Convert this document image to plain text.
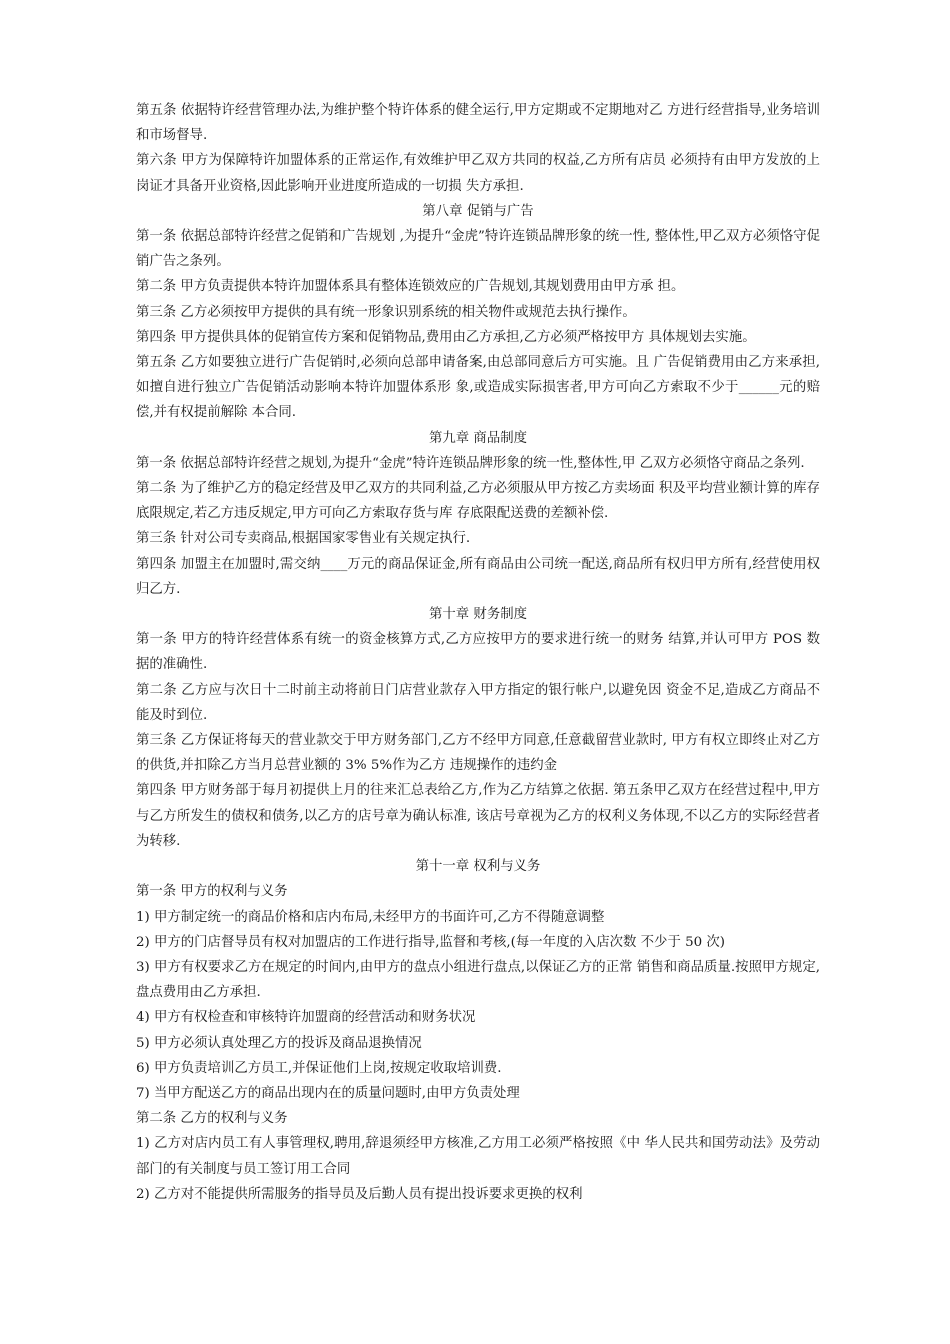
第五条 依据特许经营管理办法,为维护整个特许体系的健全运行,甲方定期或不定期地对乙 方进行经营指导,业务培训和市场督导.

第六条 甲方为保障特许加盟体系的正常运作,有效维护甲乙双方共同的权益,乙方所有店员 必须持有由甲方发放的上岗证才具备开业资格,因此影响开业进度所造成的一切损 失方承担.

第八章 促销与广告

第一条 依据总部特许经营之促销和广告规划 ,为提升“金虎”特许连锁品牌形象的统一性, 整体性,甲乙双方必须恪守促销广告之条列。

第二条 甲方负责提供本特许加盟体系具有整体连锁效应的广告规划,其规划费用由甲方承 担。

第三条 乙方必须按甲方提供的具有统一形象识别系统的相关物件或规范去执行操作。

第四条 甲方提供具体的促销宣传方案和促销物品,费用由乙方承担,乙方必须严格按甲方 具体规划去实施。

第五条 乙方如要独立进行广告促销时,必须向总部申请备案,由总部同意后方可实施。且 广告促销费用由乙方来承担,如擅自进行独立广告促销活动影响本特许加盟体系形 象,或造成实际损害者,甲方可向乙方索取不少于______元的赔偿,并有权提前解除 本合同.

第九章 商品制度

第一条 依据总部特许经营之规划,为提升“金虎”特许连锁品牌形象的统一性,整体性,甲 乙双方必须恪守商品之条列.

第二条 为了维护乙方的稳定经营及甲乙双方的共同利益,乙方必须服从甲方按乙方卖场面 积及平均营业额计算的库存底限规定,若乙方违反规定,甲方可向乙方索取存货与库 存底限配送费的差额补偿.

第三条 针对公司专卖商品,根据国家零售业有关规定执行.

第四条 加盟主在加盟时,需交纳____万元的商品保证金,所有商品由公司统一配送,商品所有权归甲方所有,经营使用权归乙方.

第十章 财务制度

第一条 甲方的特许经营体系有统一的资金核算方式,乙方应按甲方的要求进行统一的财务 结算,并认可甲方 POS 数据的准确性.

第二条 乙方应与次日十二时前主动将前日门店营业款存入甲方指定的银行帐户,以避免因 资金不足,造成乙方商品不能及时到位.

第三条 乙方保证将每天的营业款交于甲方财务部门,乙方不经甲方同意,任意截留营业款时, 甲方有权立即终止对乙方的供货,并扣除乙方当月总营业额的 3% 5%作为乙方 违规操作的违约金

第四条 甲方财务部于每月初提供上月的往来汇总表给乙方,作为乙方结算之依据. 第五条甲乙双方在经营过程中,甲方与乙方所发生的债权和债务,以乙方的店号章为确认标准, 该店号章视为乙方的权利义务体现,不以乙方的实际经营者为转移.

第十一章 权利与义务

第一条 甲方的权利与义务

1) 甲方制定统一的商品价格和店内布局,未经甲方的书面许可,乙方不得随意调整

2) 甲方的门店督导员有权对加盟店的工作进行指导,监督和考核,(每一年度的入店次数 不少于 50 次)

3) 甲方有权要求乙方在规定的时间内,由甲方的盘点小组进行盘点,以保证乙方的正常 销售和商品质量.按照甲方规定,盘点费用由乙方承担.

4) 甲方有权检查和审核特许加盟商的经营活动和财务状况

5) 甲方必须认真处理乙方的投诉及商品退换情况

6) 甲方负责培训乙方员工,并保证他们上岗,按规定收取培训费.

7) 当甲方配送乙方的商品出现内在的质量问题时,由甲方负责处理

第二条 乙方的权利与义务

1) 乙方对店内员工有人事管理权,聘用,辞退须经甲方核准,乙方用工必须严格按照《中 华人民共和国劳动法》及劳动部门的有关制度与员工签订用工合同

2) 乙方对不能提供所需服务的指导员及后勤人员有提出投诉要求更换的权利
